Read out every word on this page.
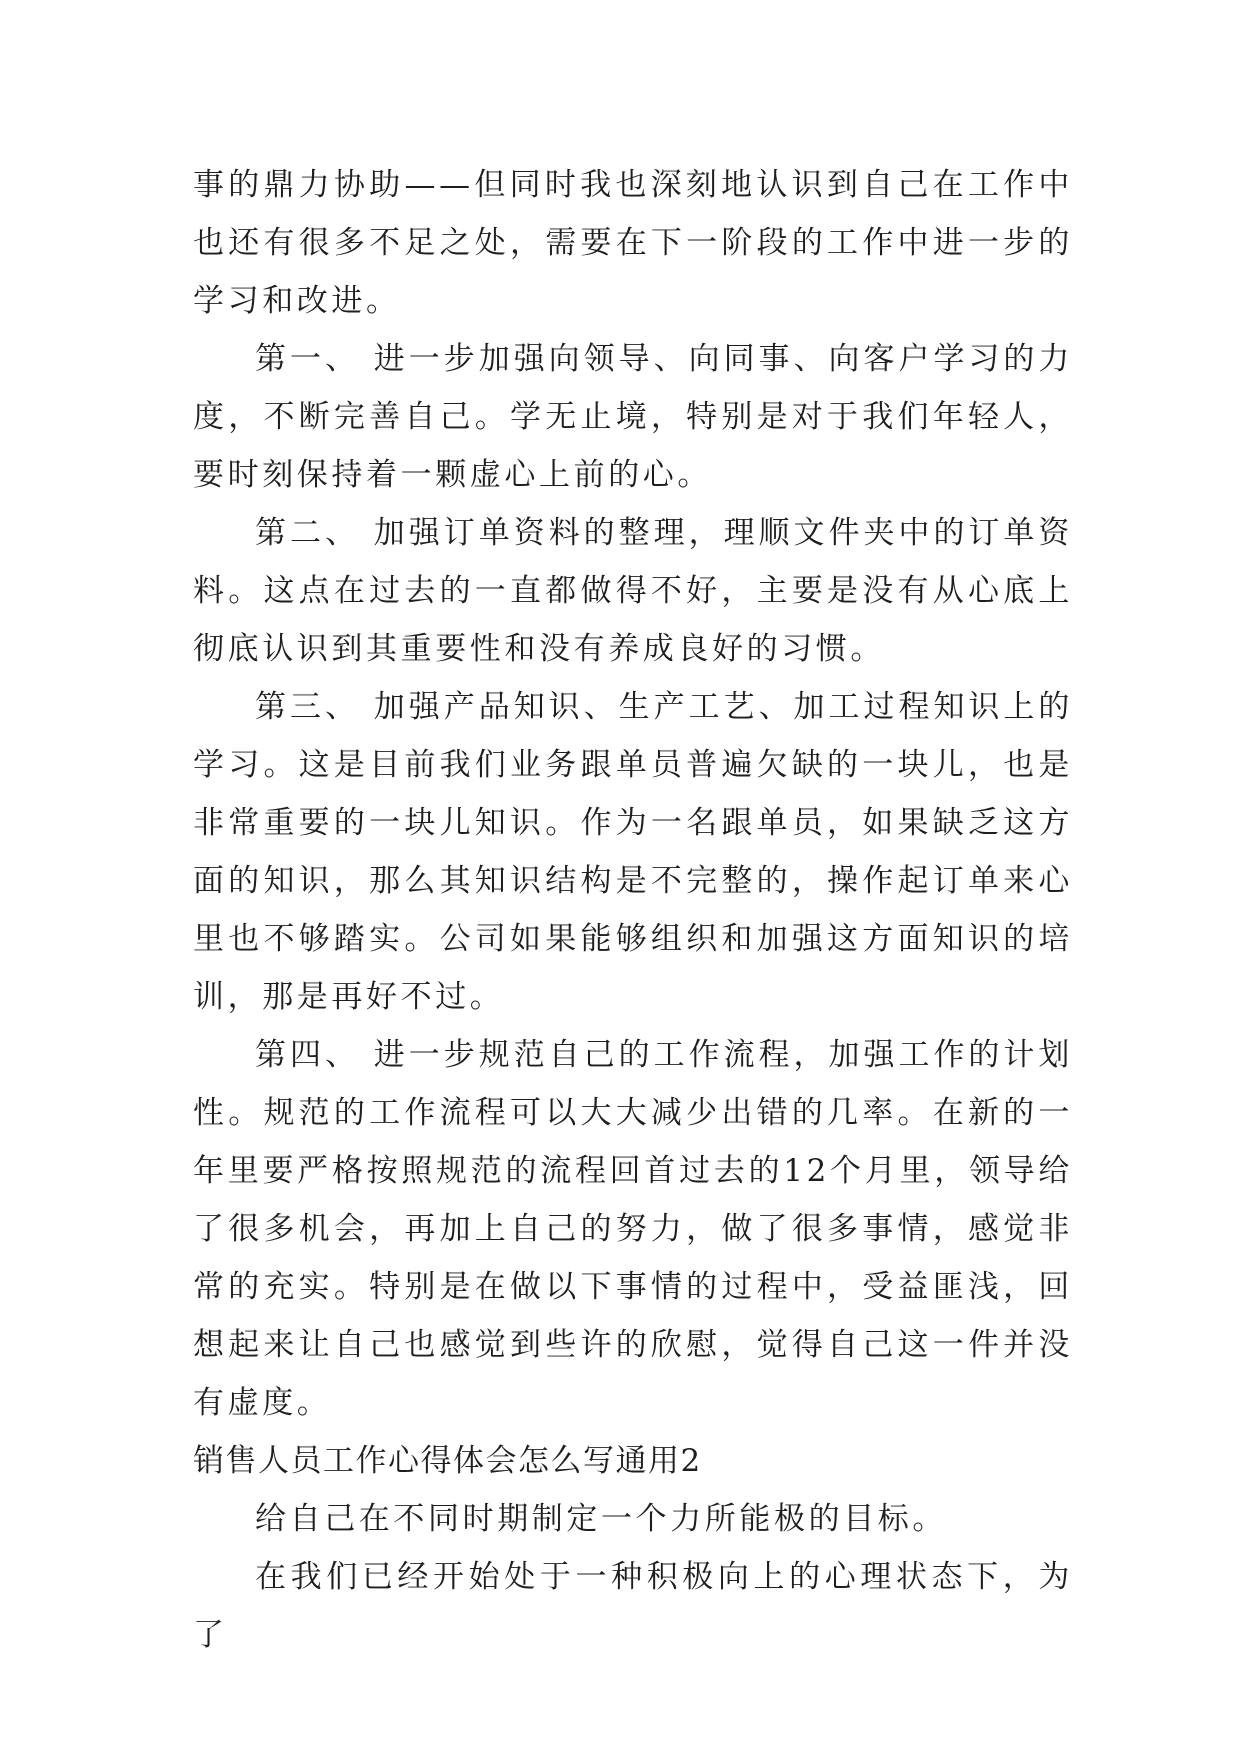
事的鼎力协助——但同时我也深刻地认识到自己在工作中也还有很多不足之处，需要在下一阶段的工作中进一步的学习和改进。

第一、 进一步加强向领导、向同事、向客户学习的力度，不断完善自己。学无止境，特别是对于我们年轻人，要时刻保持着一颗虚心上前的心。

第二、 加强订单资料的整理，理顺文件夹中的订单资料。这点在过去的一直都做得不好，主要是没有从心底上彻底认识到其重要性和没有养成良好的习惯。

第三、 加强产品知识、生产工艺、加工过程知识上的学习。这是目前我们业务跟单员普遍欠缺的一块儿，也是非常重要的一块儿知识。作为一名跟单员，如果缺乏这方面的知识，那么其知识结构是不完整的，操作起订单来心里也不够踏实。公司如果能够组织和加强这方面知识的培训，那是再好不过。

第四、 进一步规范自己的工作流程，加强工作的计划性。规范的工作流程可以大大减少出错的几率。在新的一年里要严格按照规范的流程回首过去的12个月里，领导给了很多机会，再加上自己的努力，做了很多事情，感觉非常的充实。特别是在做以下事情的过程中，受益匪浅，回想起来让自己也感觉到些许的欣慰，觉得自己这一件并没有虚度。

销售人员工作心得体会怎么写通用2

给自己在不同时期制定一个力所能极的目标。

在我们已经开始处于一种积极向上的心理状态下，为了
